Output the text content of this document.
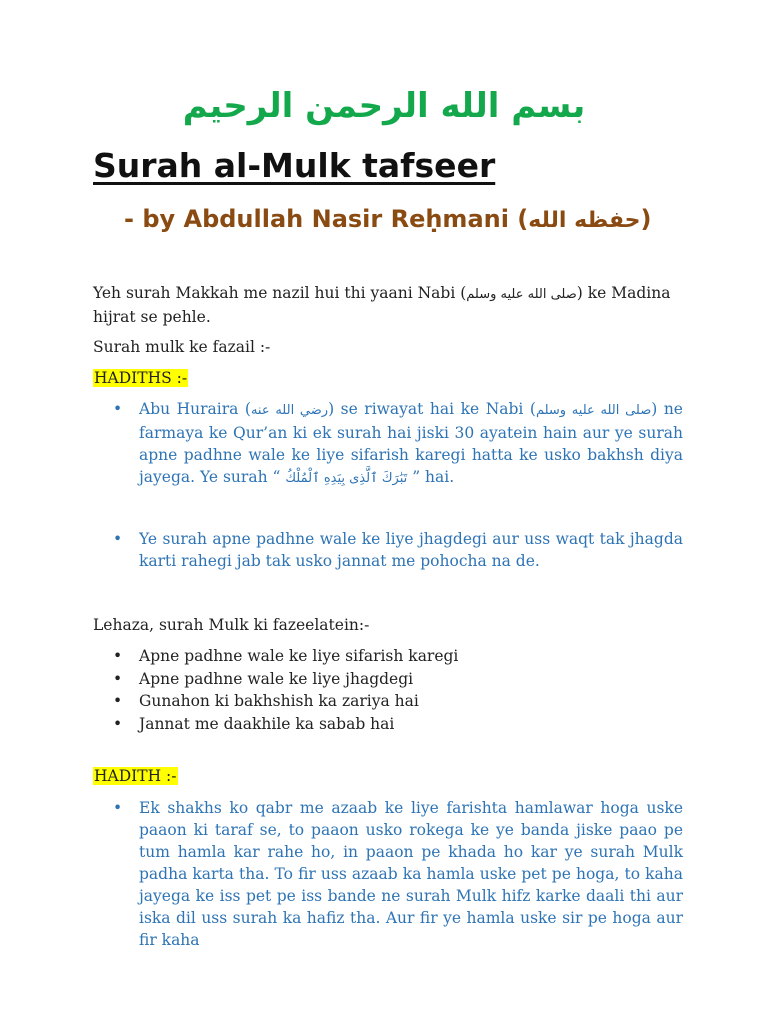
بسم الله الرحمن الرحيم
Surah al-Mulk tafseer
- by Abdullah Nasir Reḥmani (حفظه الله)
Yeh surah Makkah me nazil hui thi yaani Nabi (صلى الله عليه وسلم) ke Madina hijrat se pehle.
Surah mulk ke fazail :-
HADITHS :-
• Abu Huraira (رضي الله عنه) se riwayat hai ke Nabi (صلى الله عليه وسلم) ne farmaya ke Qur’an ki ek surah hai jiski 30 ayatein hain aur ye surah apne padhne wale ke liye sifarish karegi hatta ke usko bakhsh diya jayega. Ye surah “ تَبَٰرَكَ ٱلَّذِى بِيَدِهِ ٱلْمُلْكُ ” hai.
• Ye surah apne padhne wale ke liye jhagdegi aur uss waqt tak jhagda karti rahegi jab tak usko jannat me pohocha na de.
Lehaza, surah Mulk ki fazeelatein:-
• Apne padhne wale ke liye sifarish karegi
• Apne padhne wale ke liye jhagdegi
• Gunahon ki bakhshish ka zariya hai
• Jannat me daakhile ka sabab hai
HADITH :-
• Ek shakhs ko qabr me azaab ke liye farishta hamlawar hoga uske paaon ki taraf se, to paaon usko rokega ke ye banda jiske paao pe tum hamla kar rahe ho, in paaon pe khada ho kar ye surah Mulk padha karta tha. To fir uss azaab ka hamla uske pet pe hoga, to kaha jayega ke iss pet pe iss bande ne surah Mulk hifz karke daali thi aur iska dil uss surah ka hafiz tha. Aur fir ye hamla uske sir pe hoga aur fir kaha
